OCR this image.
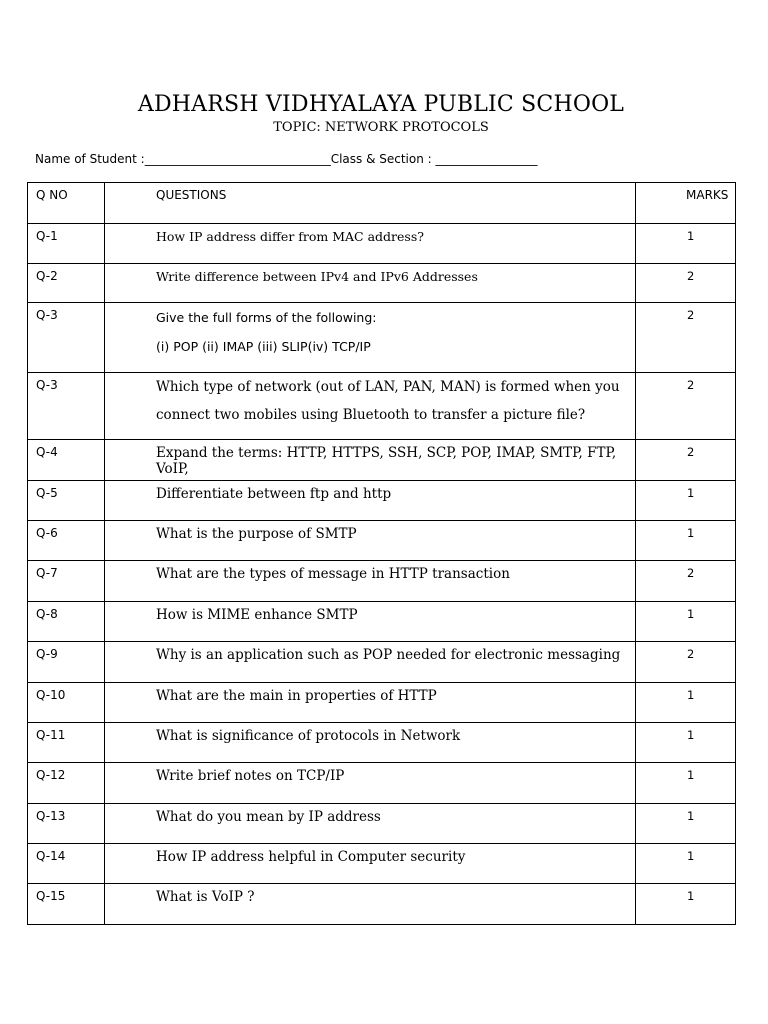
ADHARSH VIDHYALAYA PUBLIC SCHOOL
TOPIC: NETWORK PROTOCOLS
Name of Student :_______________________________Class & Section : _________________
Q NO	QUESTIONS	MARKS
Q-1	How IP address differ from MAC address?	1
Q-2	Write difference between IPv4 and IPv6 Addresses	2
Q-3	Give the full forms of the following:
(i) POP (ii) IMAP (iii) SLIP(iv) TCP/IP	2
Q-3	Which type of network (out of LAN, PAN, MAN) is formed when you
connect two mobiles using Bluetooth to transfer a picture file?	2
Q-4	Expand the terms: HTTP, HTTPS, SSH, SCP, POP, IMAP, SMTP, FTP, VoIP,	2
Q-5	Differentiate between ftp and http	1
Q-6	What is the purpose of SMTP	1
Q-7	What are the types of message in HTTP transaction	2
Q-8	How is MIME enhance SMTP	1
Q-9	Why is an application such as POP needed for electronic messaging	2
Q-10	What are the main in properties of HTTP	1
Q-11	What is significance of protocols in Network	1
Q-12	Write brief notes on TCP/IP	1
Q-13	What do you mean by IP address	1
Q-14	How IP address helpful in Computer security	1
Q-15	What is VoIP ?	1
